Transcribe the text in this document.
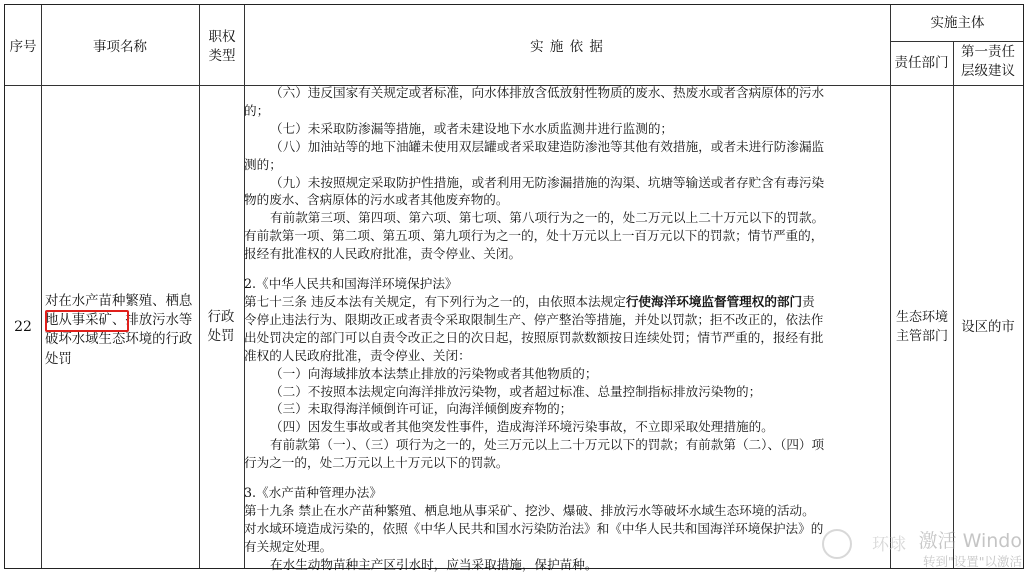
序号	事项名称
职权类型
实 施 依 据
实施主体
责任部门
第一责任层级建议
22
对在水产苗种繁殖、栖息
地从事采矿、排放污水等
破坏水域生态环境的行政处罚
行政处罚
生态环境主管部门
设区的市

（六）违反国家有关规定或者标准，向水体排放含低放射性物质的废水、热废水或者含病原体的污水

的；

（七）未采取防渗漏等措施，或者未建设地下水水质监测井进行监测的；

（八）加油站等的地下油罐未使用双层罐或者采取建造防渗池等其他有效措施，或者未进行防渗漏监

测的；

（九）未按照规定采取防护性措施，或者利用无防渗漏措施的沟渠、坑塘等输送或者存贮含有毒污染

物的废水、含病原体的污水或者其他废弃物的。

有前款第三项、第四项、第六项、第七项、第八项行为之一的，处二万元以上二十万元以下的罚款。

有前款第一项、第二项、第五项、第九项行为之一的，处十万元以上一百万元以下的罚款；情节严重的，

报经有批准权的人民政府批准，责令停业、关闭。

2.《中华人民共和国海洋环境保护法》

第七十三条 违反本法有关规定，有下列行为之一的，由依照本法规定行使海洋环境监督管理权的部门责

令停止违法行为、限期改正或者责令采取限制生产、停产整治等措施，并处以罚款；拒不改正的，依法作

出处罚决定的部门可以自责令改正之日的次日起，按照原罚款数额按日连续处罚；情节严重的，报经有批

准权的人民政府批准，责令停业、关闭：

（一）向海域排放本法禁止排放的污染物或者其他物质的；

（二）不按照本法规定向海洋排放污染物，或者超过标准、总量控制指标排放污染物的；

（三）未取得海洋倾倒许可证，向海洋倾倒废弃物的；

（四）因发生事故或者其他突发性事件，造成海洋环境污染事故，不立即采取处理措施的。

有前款第（一）、（三）项行为之一的，处三万元以上二十万元以下的罚款；有前款第（二）、（四）项

行为之一的，处二万元以上十万元以下的罚款。

3.《水产苗种管理办法》

第十九条 禁止在水产苗种繁殖、栖息地从事采矿、挖沙、爆破、排放污水等破坏水域生态环境的活动。

对水域环境造成污染的，依照《中华人民共和国水污染防治法》和《中华人民共和国海洋环境保护法》的

有关规定处理。

在水生动物苗种主产区引水时，应当采取措施，保护苗种。

环球 激活 Windo
转到"设置"以激活
